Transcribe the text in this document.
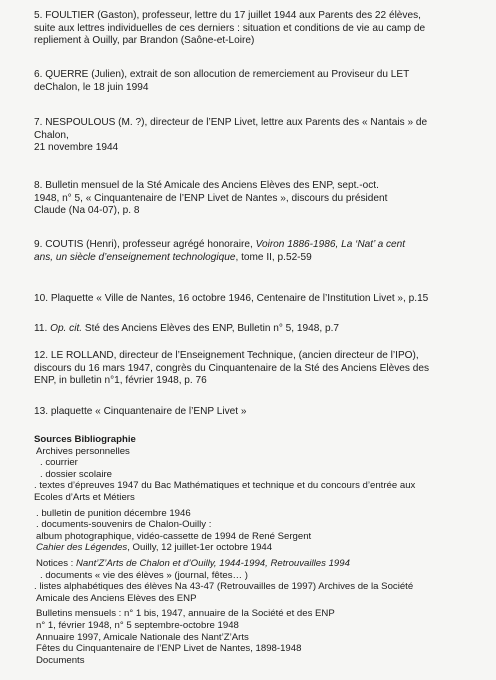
5. FOULTIER (Gaston), professeur, lettre du 17 juillet 1944 aux Parents des 22 élèves,
suite aux lettres individuelles de ces derniers : situation et conditions de vie au camp de
repliement à Ouilly, par Brandon (Saône-et-Loire)

6. QUERRE (Julien), extrait de son allocution de remerciement au Proviseur du LET
deChalon, le 18 juin 1994

7. NESPOULOUS (M. ?), directeur de l’ENP Livet, lettre aux Parents des « Nantais » de
Chalon,
21 novembre 1944

8. Bulletin mensuel de la Sté Amicale des Anciens Elèves des ENP, sept.-oct.
1948, n° 5, « Cinquantenaire de l’ENP Livet de Nantes », discours du président
Claude (Na 04-07), p. 8

9. COUTIS (Henri), professeur agrégé honoraire, Voiron 1886-1986, La ‘Nat’ a cent
ans, un siècle d’enseignement technologique, tome II, p.52-59

10. Plaquette « Ville de Nantes, 16 octobre 1946, Centenaire de l’Institution Livet », p.15

11. Op. cit. Sté des Anciens Elèves des ENP, Bulletin n° 5, 1948, p.7

12. LE ROLLAND, directeur de l’Enseignement Technique, (ancien directeur de l’IPO),
discours du 16 mars 1947, congrès du Cinquantenaire de la Sté des Anciens Elèves des
ENP, in bulletin n°1, février 1948, p. 76

13. plaquette « Cinquantenaire de l’ENP Livet »

Sources Bibliographie
Archives personnelles
. courrier
. dossier scolaire
. textes d’épreuves 1947 du Bac Mathématiques et technique et du concours d’entrée aux
Ecoles d’Arts et Métiers
. bulletin de punition décembre 1946
. documents-souvenirs de Chalon-Ouilly :
album photographique, vidéo-cassette de 1994 de René Sergent
Cahier des Légendes, Ouilly, 12 juillet-1er octobre 1944
Notices : Nant’Z’Arts de Chalon et d’Ouilly, 1944-1994, Retrouvailles 1994
. documents « vie des élèves » (journal, fêtes… )
. listes alphabétiques des élèves Na 43-47 (Retrouvailles de 1997) Archives de la Société
Amicale des Anciens Elèves des ENP
Bulletins mensuels : n° 1 bis, 1947, annuaire de la Société et des ENP
n° 1, février 1948, n° 5 septembre-octobre 1948
Annuaire 1997, Amicale Nationale des Nant’Z’Arts
Fêtes du Cinquantenaire de l’ENP Livet de Nantes, 1898-1948
Documents
